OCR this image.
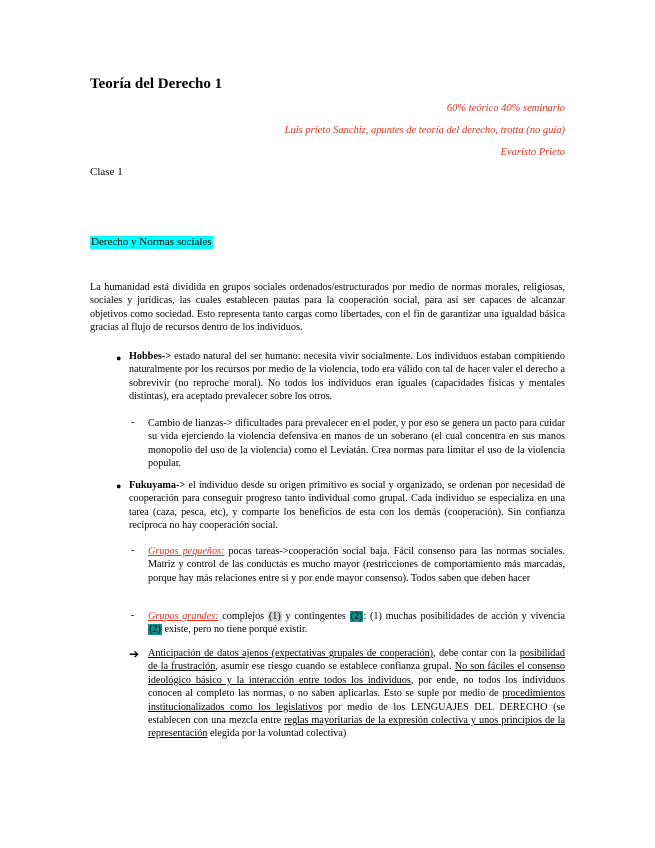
Teoría del Derecho 1
60% teórico 40% seminario
Luis prieto Sanchiz, apuntes de teoría del derecho, trotta (no guía)
Evaristo Prieto
Clase 1
Derecho y Normas sociales
La humanidad está dividida en grupos sociales ordenados/estructurados por medio de normas morales, religiosas, sociales y jurídicas, las cuales establecen pautas para la cooperación social, para así ser capaces de alcanzar objetivos como sociedad. Esto representa tanto cargas como libertades, con el fin de garantizar una igualdad básica gracias al flujo de recursos dentro de los individuos.
● Hobbes-> estado natural del ser humano: necesita vivir socialmente. Los individuos estaban compitiendo naturalmente por los recursos por medio de la violencia, todo era válido con tal de hacer valer el derecho a sobrevivir (no reproche moral). No todos los individuos eran iguales (capacidades físicas y mentales distintas), era aceptado prevalecer sobre los otros.
- Cambio de lianzas-> dificultades para prevalecer en el poder, y por eso se genera un pacto para cuidar su vida ejerciendo la violencia defensiva en manos de un soberano (el cual concentra en sus manos monopolio del uso de la violencia) como el Leviatán. Crea normas para limitar el uso de la violencia popular.
● Fukuyama-> el individuo desde su origen primitivo es social y organizado, se ordenan por necesidad de cooperación para conseguir progreso tanto individual como grupal. Cada individuo se especializa en una tarea (caza, pesca, etc), y comparte los beneficios de esta con los demás (cooperación). Sin confianza recíproca no hay cooperación social.
- Grupos pequeños: pocas tareas->cooperación social baja. Fácil consenso para las normas sociales. Matriz y control de las conductas es mucho mayor (restricciones de comportamiento más marcadas, porque hay más relaciones entre sí y por ende mayor consenso). Todos saben que deben hacer
- Grupos grandes: complejos (1) y contingentes (2): (1) muchas posibilidades de acción y vivencia (2) existe, pero no tiene porqué existir.
➔ Anticipación de datos ajenos (expectativas grupales de cooperación), debe contar con la posibilidad de la frustración, asumir ese riesgo cuando se establece confianza grupal. No son fáciles el consenso ideológico básico y la interacción entre todos los individuos, por ende, no todos los individuos conocen al completo las normas, o no saben aplicarlas. Esto se suple por medio de procedimientos institucionalizados como los legislativos por medio de los LENGUAJES DEL DERECHO (se establecen con una mezcla entre reglas mayoritarias de la expresión colectiva y unos principios de la representación elegida por la voluntad colectiva)
